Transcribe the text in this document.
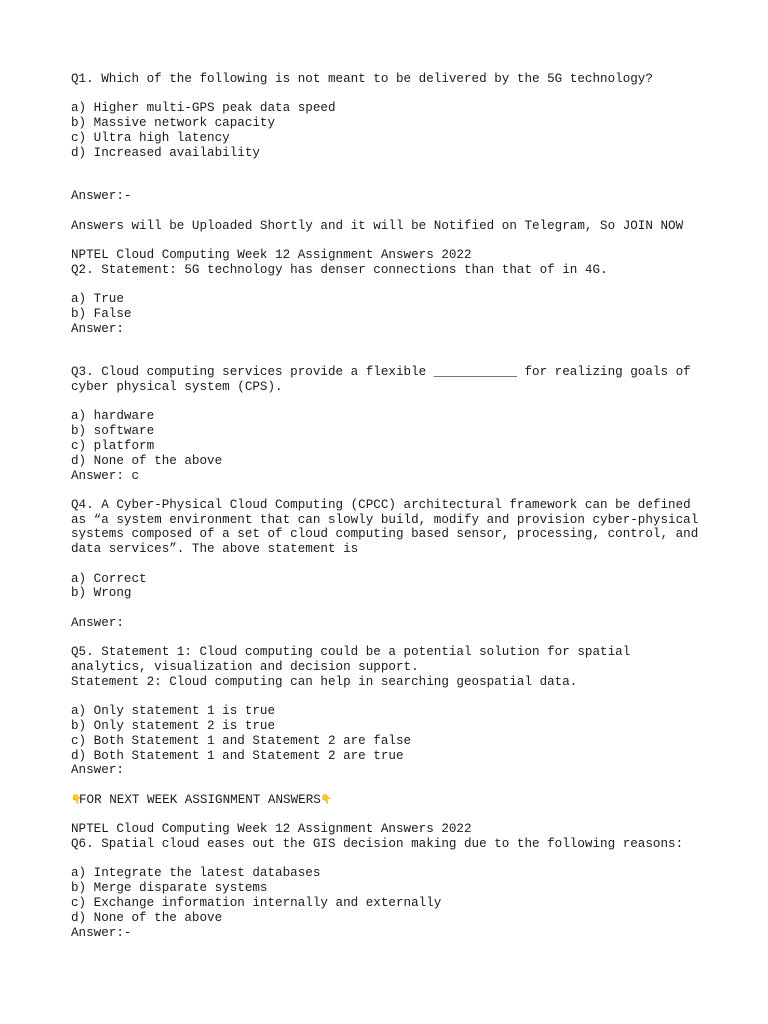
Q1. Which of the following is not meant to be delivered by the 5G technology?
a) Higher multi-GPS peak data speed
b) Massive network capacity
c) Ultra high latency
d) Increased availability
Answer:-
Answers will be Uploaded Shortly and it will be Notified on Telegram, So JOIN NOW
NPTEL Cloud Computing Week 12 Assignment Answers 2022
Q2. Statement: 5G technology has denser connections than that of in 4G.
a) True
b) False
Answer:
Q3. Cloud computing services provide a flexible ___________ for realizing goals of
cyber physical system (CPS).
a) hardware
b) software
c) platform
d) None of the above
Answer: c
Q4. A Cyber-Physical Cloud Computing (CPCC) architectural framework can be defined
as “a system environment that can slowly build, modify and provision cyber-physical
systems composed of a set of cloud computing based sensor, processing, control, and
data services”. The above statement is
a) Correct
b) Wrong
Answer:
Q5. Statement 1: Cloud computing could be a potential solution for spatial
analytics, visualization and decision support.
Statement 2: Cloud computing can help in searching geospatial data.
a) Only statement 1 is true
b) Only statement 2 is true
c) Both Statement 1 and Statement 2 are false
d) Both Statement 1 and Statement 2 are true
Answer:
👇FOR NEXT WEEK ASSIGNMENT ANSWERS👇
NPTEL Cloud Computing Week 12 Assignment Answers 2022
Q6. Spatial cloud eases out the GIS decision making due to the following reasons:
a) Integrate the latest databases
b) Merge disparate systems
c) Exchange information internally and externally
d) None of the above
Answer:-
